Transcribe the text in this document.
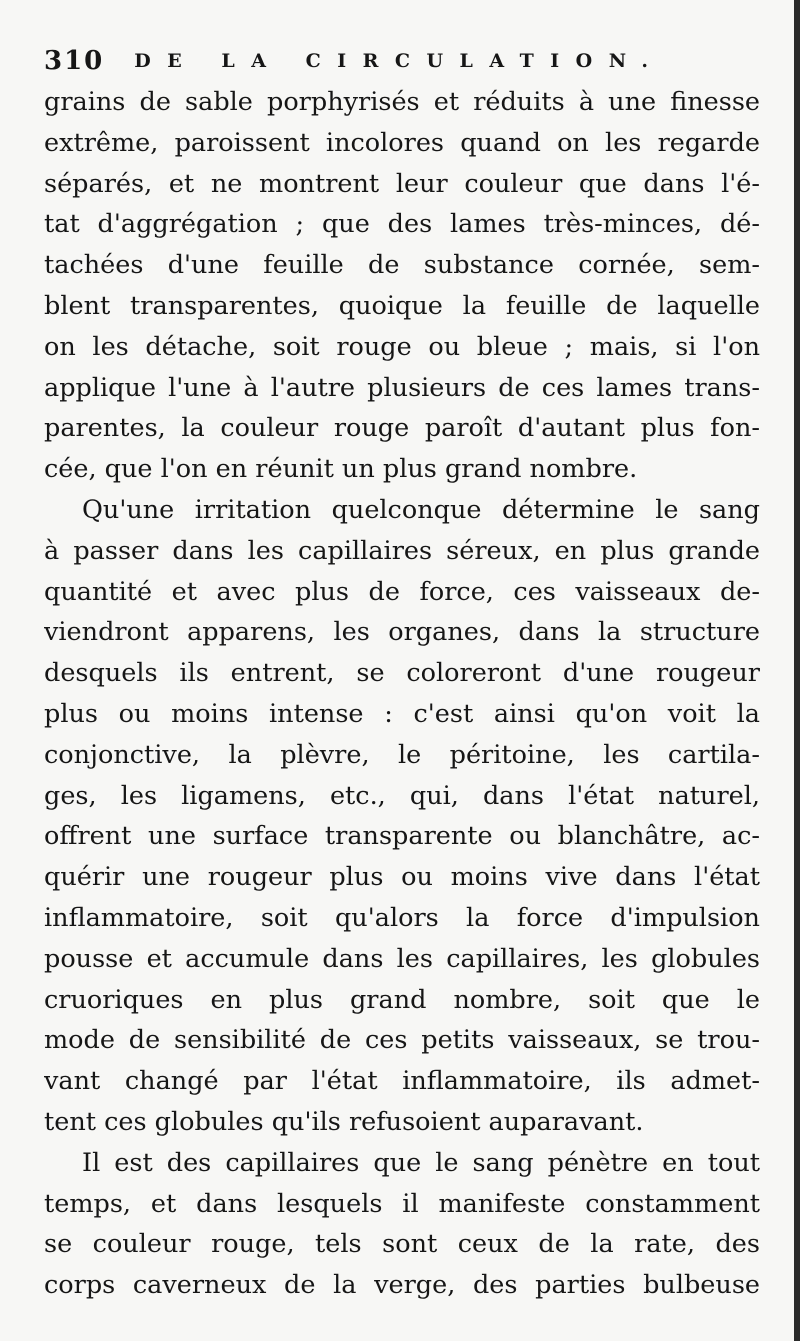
310 DE LA CIRCULATION.
grains de sable porphyrisés et réduits à une finesse
extrême, paroissent incolores quand on les regarde
séparés, et ne montrent leur couleur que dans l'é-
tat d'aggrégation ; que des lames très-minces, dé-
tachées d'une feuille de substance cornée, sem-
blent transparentes, quoique la feuille de laquelle
on les détache, soit rouge ou bleue ; mais, si l'on
applique l'une à l'autre plusieurs de ces lames trans-
parentes, la couleur rouge paroît d'autant plus fon-
cée, que l'on en réunit un plus grand nombre.
Qu'une irritation quelconque détermine le sang
à passer dans les capillaires séreux, en plus grande
quantité et avec plus de force, ces vaisseaux de-
viendront apparens, les organes, dans la structure
desquels ils entrent, se coloreront d'une rougeur
plus ou moins intense : c'est ainsi qu'on voit la
conjonctive, la plèvre, le péritoine, les cartila-
ges, les ligamens, etc., qui, dans l'état naturel,
offrent une surface transparente ou blanchâtre, ac-
quérir une rougeur plus ou moins vive dans l'état
inflammatoire, soit qu'alors la force d'impulsion
pousse et accumule dans les capillaires, les globules
cruoriques en plus grand nombre, soit que le
mode de sensibilité de ces petits vaisseaux, se trou-
vant changé par l'état inflammatoire, ils admet-
tent ces globules qu'ils refusoient auparavant.
Il est des capillaires que le sang pénètre en tout
temps, et dans lesquels il manifeste constamment
se couleur rouge, tels sont ceux de la rate, des
corps caverneux de la verge, des parties bulbeuse
